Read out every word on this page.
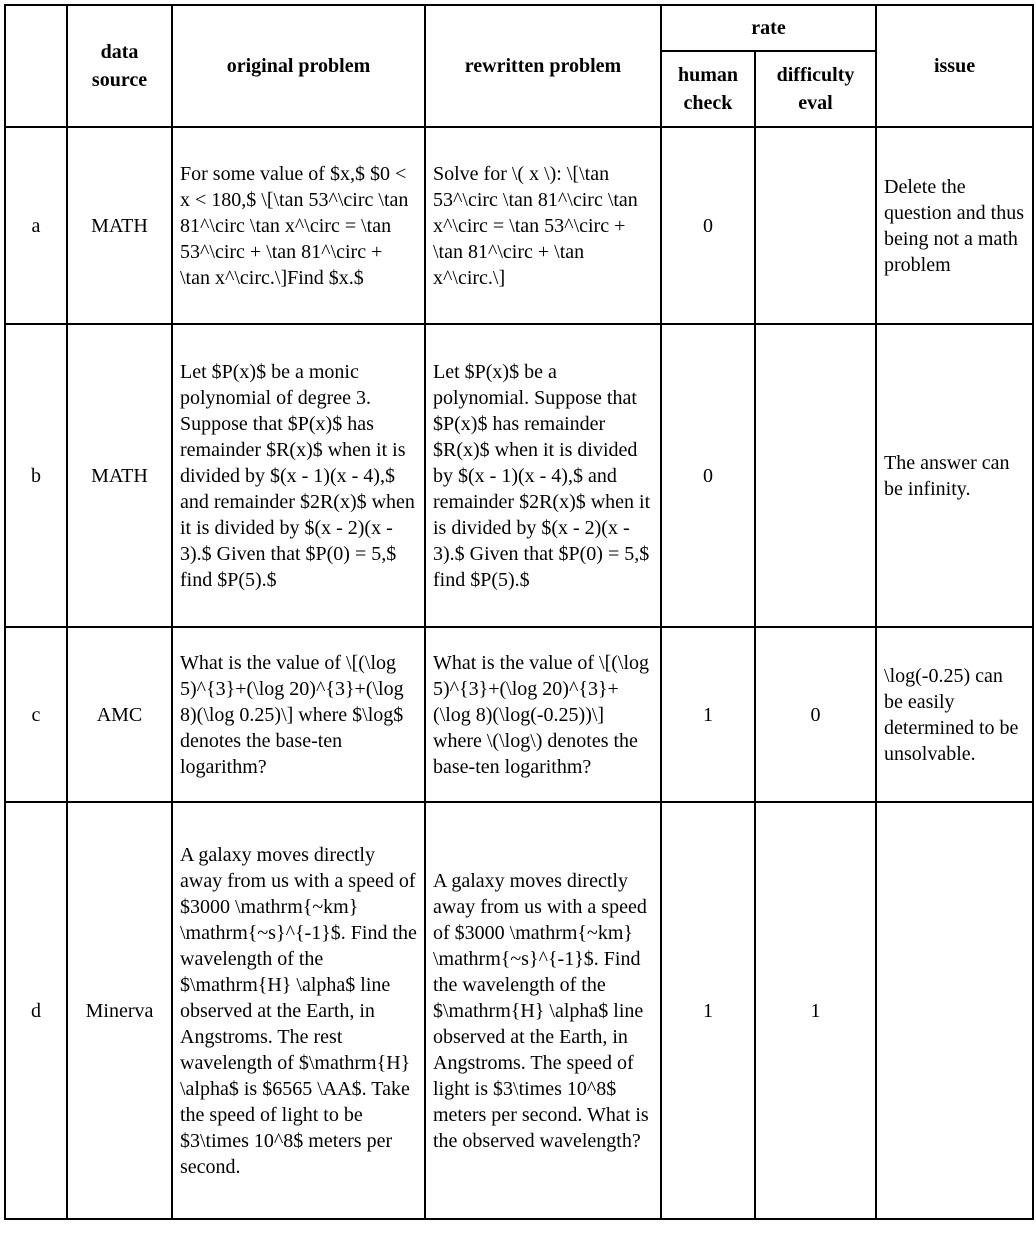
	data source	original problem	rewritten problem	rate		issue
				human check	difficulty eval	
a	MATH	For some value of $x,$ $0 < x < 180,$ \[\tan 53^\circ \tan 81^\circ \tan x^\circ = \tan 53^\circ + \tan 81^\circ + \tan x^\circ.\]Find $x.$	Solve for \( x \): \[\tan 53^\circ \tan 81^\circ \tan x^\circ = \tan 53^\circ + \tan 81^\circ + \tan x^\circ.\]	0		Delete the question and thus being not a math problem
b	MATH	Let $P(x)$ be a monic polynomial of degree 3. Suppose that $P(x)$ has remainder $R(x)$ when it is divided by $(x - 1)(x - 4),$ and remainder $2R(x)$ when it is divided by $(x - 2)(x - 3).$ Given that $P(0) = 5,$ find $P(5).$	Let $P(x)$ be a polynomial. Suppose that $P(x)$ has remainder $R(x)$ when it is divided by $(x - 1)(x - 4),$ and remainder $2R(x)$ when it is divided by $(x - 2)(x - 3).$ Given that $P(0) = 5,$ find $P(5).$	0		The answer can be infinity.
c	AMC	What is the value of \[(\log 5)^{3}+(\log 20)^{3}+(\log 8)(\log 0.25)\] where $\log$ denotes the base-ten logarithm?	What is the value of \[(\log 5)^{3}+(\log 20)^{3}+(\log 8)(\log(-0.25))\] where \(\log\) denotes the base-ten logarithm?	1	0	\log(-0.25) can be easily determined to be unsolvable.
d	Minerva	A galaxy moves directly away from us with a speed of $3000 \mathrm{~km} \mathrm{~s}^{-1}$. Find the wavelength of the $\mathrm{H} \alpha$ line observed at the Earth, in Angstroms. The rest wavelength of $\mathrm{H} \alpha$ is $6565 \AA$. Take the speed of light to be $3\times 10^8$ meters per second.	A galaxy moves directly away from us with a speed of $3000 \mathrm{~km} \mathrm{~s}^{-1}$. Find the wavelength of the $\mathrm{H} \alpha$ line observed at the Earth, in Angstroms. The speed of light is $3\times 10^8$ meters per second. What is the observed wavelength?	1	1	
